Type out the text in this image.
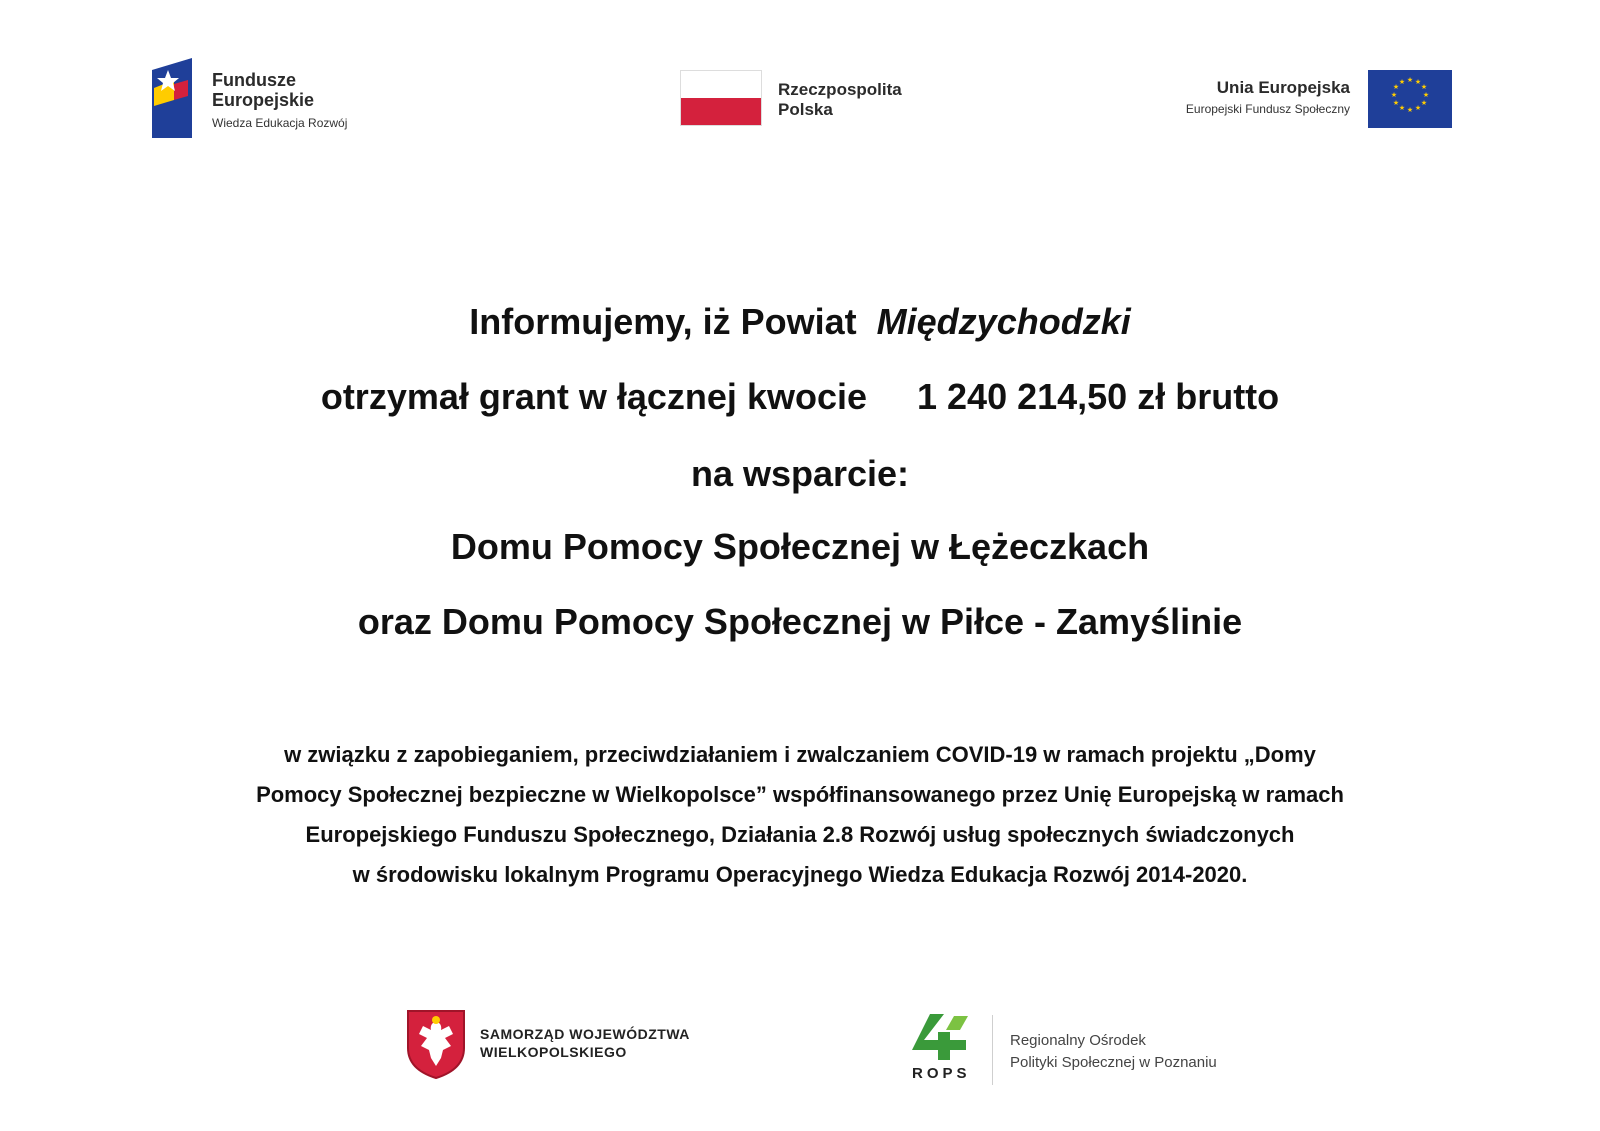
Fundusze
Europejskie
Wiedza Edukacja Rozwój
Rzeczpospolita
Polska
Unia Europejska
Europejski Fundusz Społeczny
★ ★
★
★
★
★
★
★
★
★
★
★
Informujemy, iż Powiat Międzychodzki
otrzymał grant w łącznej kwocie 1 240 214,50 zł brutto
na wsparcie:
Domu Pomocy Społecznej w Łężeczkach
oraz Domu Pomocy Społecznej w Piłce - Zamyślinie
w związku z zapobieganiem, przeciwdziałaniem i zwalczaniem COVID-19 w ramach projektu „Domy
Pomocy Społecznej bezpieczne w Wielkopolsce” współfinansowanego przez Unię Europejską w ramach
Europejskiego Funduszu Społecznego, Działania 2.8 Rozwój usług społecznych świadczonych
w środowisku lokalnym Programu Operacyjnego Wiedza Edukacja Rozwój 2014-2020.
SAMORZĄD WOJEWÓDZTWA
WIELKOPOLSKIEGO
ROPS
Regionalny Ośrodek
Polityki Społecznej w Poznaniu
